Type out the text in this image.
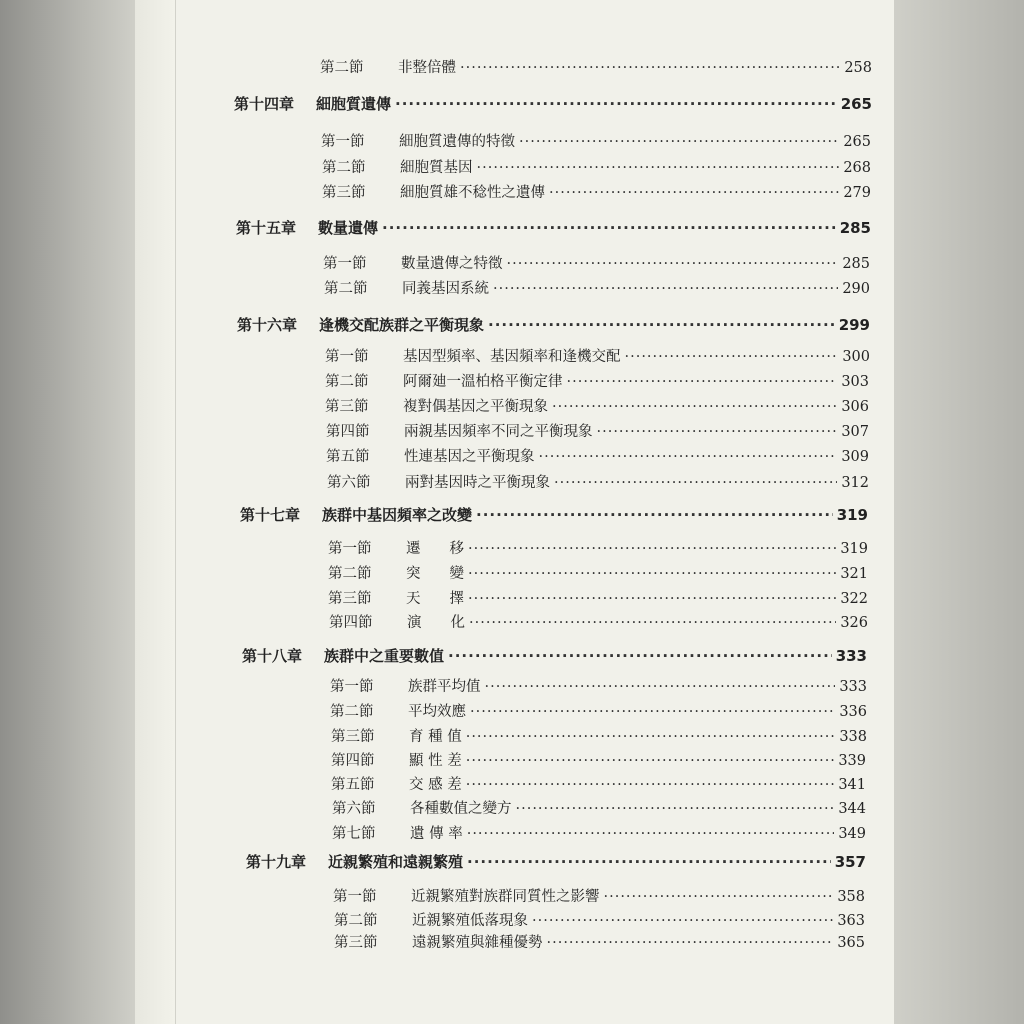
第二節	非整倍體 ·····	258
第十四章 細胞質遺傳 ·····	265
第一節	細胞質遺傳的特徵 ·····	265
第二節	細胞質基因 ·····	268
第三節	細胞質雄不稔性之遺傳 ·····	279
第十五章 數量遺傳 ·····	285
第一節	數量遺傳之特徵 ·····	285
第二節	同義基因系統 ·····	290
第十六章 逢機交配族群之平衡現象 ·····	299
第一節	基因型頻率、基因頻率和逢機交配 ·····	300
第二節	阿爾廸一溫柏格平衡定律 ·····	303
第三節	複對偶基因之平衡現象 ·····	306
第四節	兩親基因頻率不同之平衡現象 ·····	307
第五節	性連基因之平衡現象 ·····	309
第六節	兩對基因時之平衡現象 ·····	312
第十七章 族群中基因頻率之改變 ·····	319
第一節	遷　　移 ·····	319
第二節	突　　變 ·····	321
第三節	天　　擇 ·····	322
第四節	演　　化 ·····	326
第十八章 族群中之重要數值 ·····	333
第一節	族群平均值 ·····	333
第二節	平均效應 ·····	336
第三節	育 種 值 ·····	338
第四節	顯 性 差 ·····	339
第五節	交 感 差 ·····	341
第六節	各種數值之變方 ·····	344
第七節	遺 傳 率 ·····	349
第十九章 近親繁殖和遠親繁殖 ·····	357
第一節	近親繁殖對族群同質性之影響 ·····	358
第二節	近親繁殖低落現象 ·····	363
第三節	遠親繁殖與雜種優勢 ·····	365
